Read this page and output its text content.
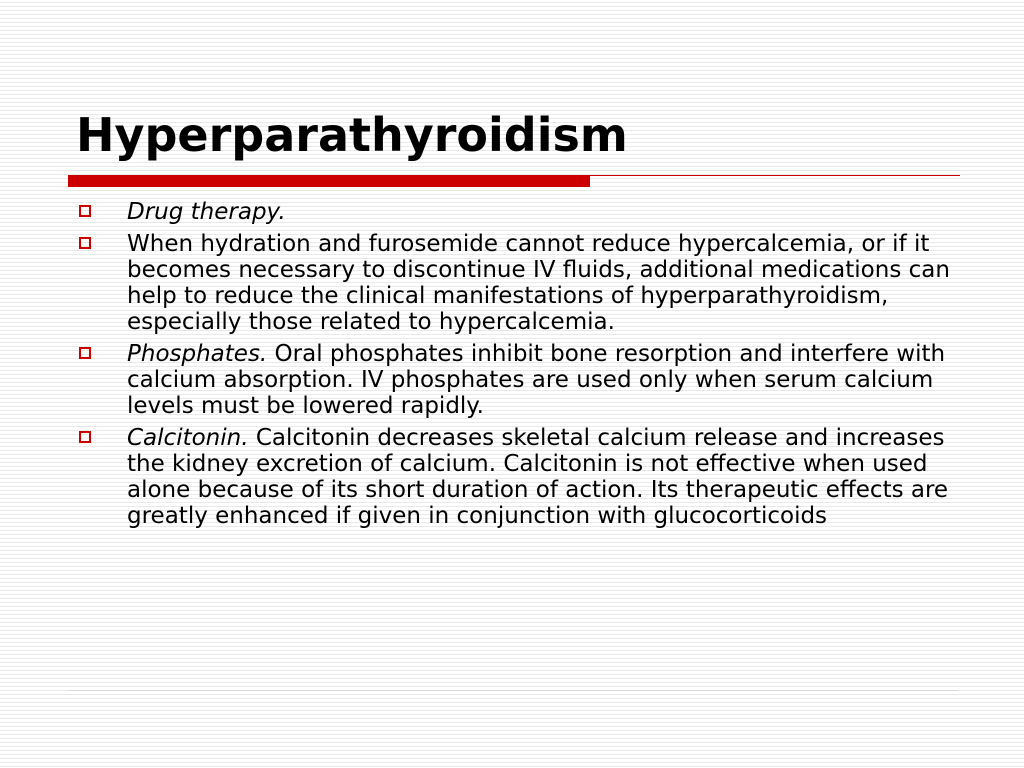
Hyperparathyroidism
Drug therapy.
When hydration and furosemide cannot reduce hypercalcemia, or if it becomes necessary to discontinue IV fluids, additional medications can help to reduce the clinical manifestations of hyperparathyroidism, especially those related to hypercalcemia.
Phosphates. Oral phosphates inhibit bone resorption and interfere with calcium absorption. IV phosphates are used only when serum calcium levels must be lowered rapidly.
Calcitonin. Calcitonin decreases skeletal calcium release and increases the kidney excretion of calcium. Calcitonin is not effective when used alone because of its short duration of action. Its therapeutic effects are greatly enhanced if given in conjunction with glucocorticoids
